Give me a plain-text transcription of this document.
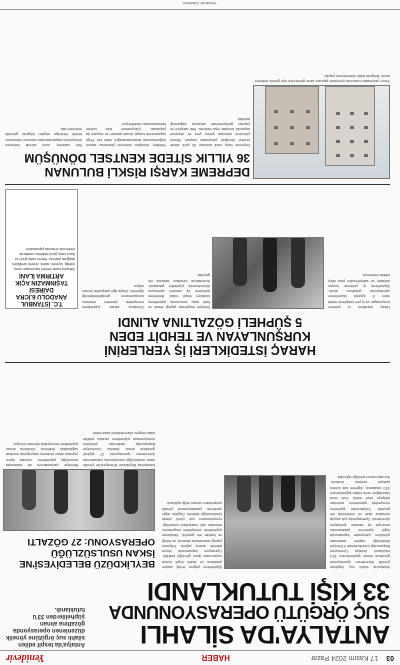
03
17 Kasım 2024 Pazar
HABER
Yenidevir
ANTALYA'DA SİLAHLI
SUÇ ÖRGÜTÜ OPERASYONUNDA
33 KİŞİ TUTUKLANDI
Antalya'da tespit edilen silahlı suç örgütüne yönelik düzenlenen operasyonda gözaltına alınan şüphelilerden 33'ü tutuklandı.
Antalya'da silahlı suç örgütüne yönelik düzenlenen operasyonda gözaltına alınan şüphelilerden 33'ü tutuklandı. Antalya Cumhuriyet Başsavcılığı koordinesinde İl Emniyet Müdürlüğü ekipleri tarafından yürütülen çalışmalar kapsamında örgüt üyelerinin yakalanması amacıyla eş zamanlı operasyon düzenlendi. Operasyonda çok sayıda ruhsatsız silah ve mühimmat ele geçirildi. Gözaltındaki şüpheliler emniyetteki işlemlerinin ardından adliyeye sevk edildi. Sulh ceza hakimliğine sevk edilen şüphelilerden 33'ü tutuklandı, diğerleri adli kontrol şartıyla serbest bırakıldı. Soruşturmanın sürdüğü öğrenildi.
Şüphelilerin yağma, tehdit, kasten yaralama ve silahlı örgüt kurma suçlarından işlem gördüğü belirtildi. Operasyon kapsamında birçok adreste arama yapıldı. Ekiplerin yaptığı aramalarda tabanca, av tüfeği ve fişekler ele geçirildi. Yakalanan şüphelilerin emniyetteki sorgularının ardından adli makamlara çıkarıldığı, soruşturmanın çok yönlü olarak sürdürüldüğü bildirildi. Örgütün diğer üyelerinin yakalanmasına yönelik çalışmaların devam ettiği açıklandı.
BEYLİKDÜZÜ BELEDİYESİ'NE
İSKAN USULSÜZLÜĞÜ
OPERASYONU: 27 GÖZALTI
İstanbul'da Beylikdüzü Belediyesi'ne yönelik iskan usulsüzlüğü soruşturması kapsamında düzenlenen operasyonda 27 şüpheli gözaltına alındı. İstanbul Cumhuriyet Başsavcılığı tarafından yürütülen soruşturmada şüphelilerin usulsüz şekilde iskan belgesi düzenledikleri iddia edildi.
Belediye çalışanlarının da aralarında bulunduğu şüphelilerin, ruhsata aykırı yapılara iskan verilmesi karşılığında menfaat sağladıkları belirlendi. Gözaltına alınan şüphelilerin emniyetteki işlemleri sürüyor.
HARAÇ İSTEDİKLERİ İŞ YERLERİNİ
KURŞUNLAYAN VE TEHDİT EDEN
5 ŞÜPHELİ GÖZALTINA ALINDI
Haraç istedikleri iş yerlerini kurşunlayan ve iş yeri sahiplerini tehdit eden 5 şüpheli düzenlenen operasyonla gözaltına alındı. Şüphelilerin iş yerlerine kurşun sıktıkları ve sahiplerinden para talep ettikleri belirlendi.
Emniyet ekiplerinin yaptığı teknik ve fiziki takip sonucunda şüphelilerin kimlikleri tespit edildi. Belirlenen adreslere eş zamanlı operasyon düzenlenerek şüpheliler yakalandı. Aramalarda ruhsatsız tabanca ele geçirildi.
Gözaltına alınan şüphelilerin emniyetteki işlemleri sürerken soruşturmanın genişletilebileceği öğrenildi. Olayla ilgili çalışmalar devam ediyor.
T.C. İSTANBUL ANADOLU 6.İCRA DAİRESİ
TAŞINMAZIN AÇIK ARTIRMA İLANI
Satışına karar verilen taşınmazın cinsi, niteliği, kıymeti, adedi, önemli özellikleri aşağıda yazılıdır. Birinci satış günü ve ikinci satış günü belirtilen saatlerde elektronik ortamda yapılacaktır.
DEPREME KARŞI RİSKLİ BULUNAN
36 YILLIK SİTEDE KENTSEL DÖNÜŞÜM
Depreme karşı riskli bulunan 36 yıllık sitede kentsel dönüşüm çalışmaları başladı. Sitenin yıkımının ardından yerine yeni ve depreme dayanıklı konutlar inşa edilecek. Hak sahipleri ile yapılan görüşmelerde anlaşma sağlandığı belirtildi.
Yetkililer, dönüşüm sürecinin planlanan takvim doğrultusunda tamamlanacağını ifade etti. Proje kapsamında sosyal donatı alanları ve otopark da yapılacak. Çalışmaların kısa sürede tamamlanması hedefleniyor.
Site sakinleri, uzun süredir beklenen dönüşümün başlamasından memnun olduklarını belirtti. Belediye ekipleri bölgede güvenlik önlemleri aldı.
Yıkım çalışmaları sırasında çevredeki yapılara zarar gelmemesi için gerekli tedbirler alındı. Bölgede trafik düzenlemesi yapıldı.
Yenidevir Gazetesi
